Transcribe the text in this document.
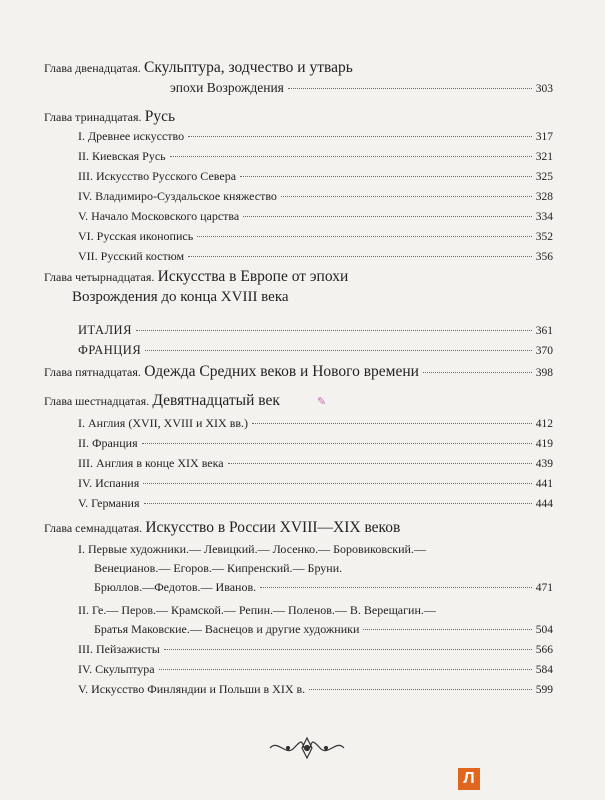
Глава двенадцатая. Скульптура, зодчество и утварь
эпохи Возрождения	303
Глава тринадцатая. Русь
I. Древнее искусство	317
II. Киевская Русь	321
III. Искусство Русского Севера	325
IV. Владимиро-Суздальское княжество	328
V. Начало Московского царства	334
VI. Русская иконопись	352
VII. Русский костюм	356
Глава четырнадцатая. Искусства в Европе от эпохи
Возрождения до конца XVIII века
ИТАЛИЯ	361
ФРАНЦИЯ	370
Глава пятнадцатая. Одежда Средних веков и Нового времени	398
Глава шестнадцатая. Девятнадцатый век
I. Англия (XVII, XVIII и XIX вв.)	412
II. Франция	419
III. Англия в конце XIX века	439
IV. Испания	441
V. Германия	444
Глава семнадцатая. Искусство в России XVIII—XIX веков
I. Первые художники.— Левицкий.— Лосенко.— Боровиковский.—
Венецианов.— Егоров.— Кипренский.— Бруни.
Брюллов.—Федотов.— Иванов.	471
II. Ге.— Перов.— Крамской.— Репин.— Поленов.— В. Верещагин.—
Братья Маковские.— Васнецов и другие художники	504
III. Пейзажисты	566
IV. Скульптура	584
V. Искусство Финляндии и Польши в XIX в.	599
✎
Л
